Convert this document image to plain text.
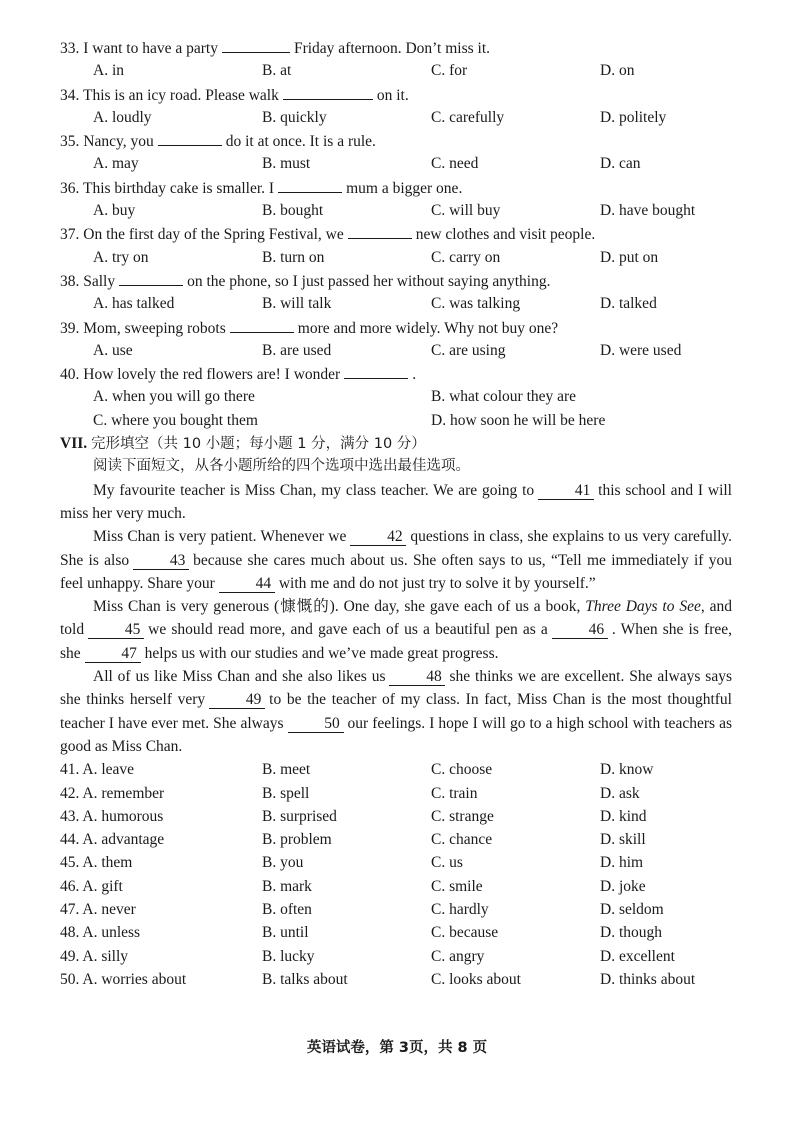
33. I want to have a party	Friday afternoon. Don’t miss it.
A. in	B. at	C. for	D. on
34. This is an icy road. Please walk	on it.
A. loudly	B. quickly	C. carefully	D. politely
35. Nancy, you	do it at once. It is a rule.
A. may	B. must	C. need	D. can
36. This birthday cake is smaller. I	mum a bigger one.
A. buy	B. bought	C. will buy	D. have bought
37. On the first day of the Spring Festival, we	new clothes and visit people.
A. try on	B. turn on	C. carry on	D. put on
38. Sally	on the phone, so I just passed her without saying anything.
A. has talked	B. will talk	C. was talking	D. talked
39. Mom, sweeping robots	more and more widely. Why not buy one?
A. use	B. are used	C. are using	D. were used
40. How lovely the red flowers are! I wonder	.
A. when you will go there	B. what colour they are
C. where you bought them	D. how soon he will be here
VII. 完形填空（共 10 小题；每小题 1 分，满分 10 分）
阅读下面短文，从各小题所给的四个选项中选出最佳选项。

My favourite teacher is Miss Chan, my class teacher. We are going to	41 this school and I will miss her very much.

Miss Chan is very patient. Whenever we	42 questions in class, she explains to us very carefully. She is also	43 because she cares much about us. She often says to us, “Tell me immediately if you feel unhappy. Share your	44 with me and do not just try to solve it by yourself.”

Miss Chan is very generous (慷慨的). One day, she gave each of us a book, Three Days to See, and told	45 we should read more, and gave each of us a beautiful pen as a	46 . When she is free, she	47 helps us with our studies and we’ve made great progress.

All of us like Miss Chan and she also likes us	48 she thinks we are excellent. She always says she thinks herself very	49 to be the teacher of my class. In fact, Miss Chan is the most thoughtful teacher I have ever met. She always	50 our feelings. I hope I will go to a high school with teachers as good as Miss Chan.

41. A. leave	B. meet	C. choose	D. know
42. A. remember	B. spell	C. train	D. ask
43. A. humorous	B. surprised	C. strange	D. kind
44. A. advantage	B. problem	C. chance	D. skill
45. A. them	B. you	C. us	D. him
46. A. gift	B. mark	C. smile	D. joke
47. A. never	B. often	C. hardly	D. seldom
48. A. unless	B. until	C. because	D. though
49. A. silly	B. lucky	C. angry	D. excellent
50. A. worries about	B. talks about	C. looks about	D. thinks about
英语试卷，第 3页，共 8 页
